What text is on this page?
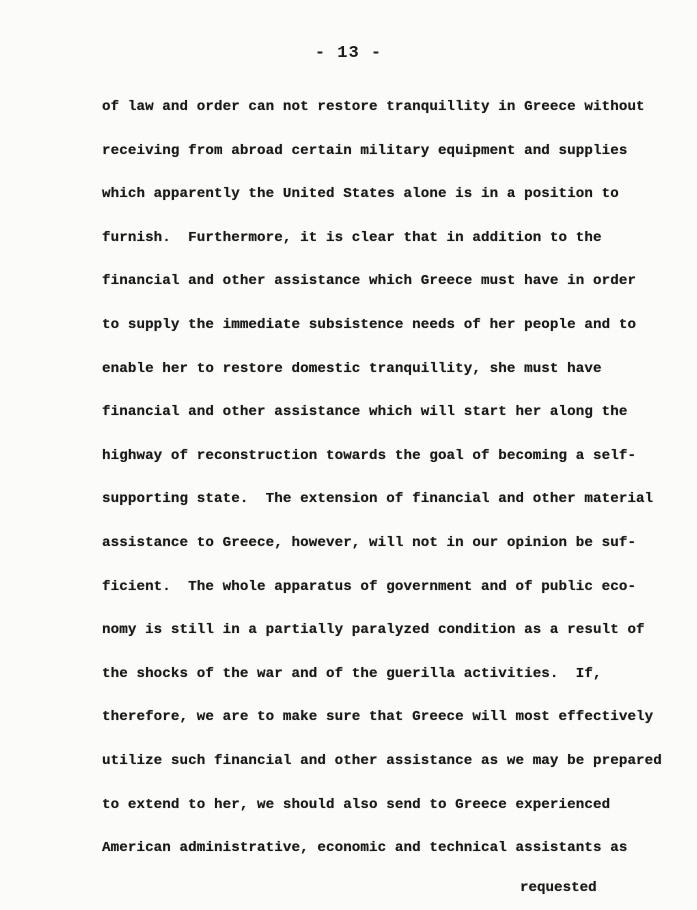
- 13 -
of law and order can not restore tranquillity in Greece without
receiving from abroad certain military equipment and supplies
which apparently the United States alone is in a position to
furnish.  Furthermore, it is clear that in addition to the
financial and other assistance which Greece must have in order
to supply the immediate subsistence needs of her people and to
enable her to restore domestic tranquillity, she must have
financial and other assistance which will start her along the
highway of reconstruction towards the goal of becoming a self-
supporting state.  The extension of financial and other material
assistance to Greece, however, will not in our opinion be suf-
ficient.  The whole apparatus of government and of public eco-
nomy is still in a partially paralyzed condition as a result of
the shocks of the war and of the guerilla activities.  If,
therefore, we are to make sure that Greece will most effectively
utilize such financial and other assistance as we may be prepared
to extend to her, we should also send to Greece experienced
American administrative, economic and technical assistants as
requested
